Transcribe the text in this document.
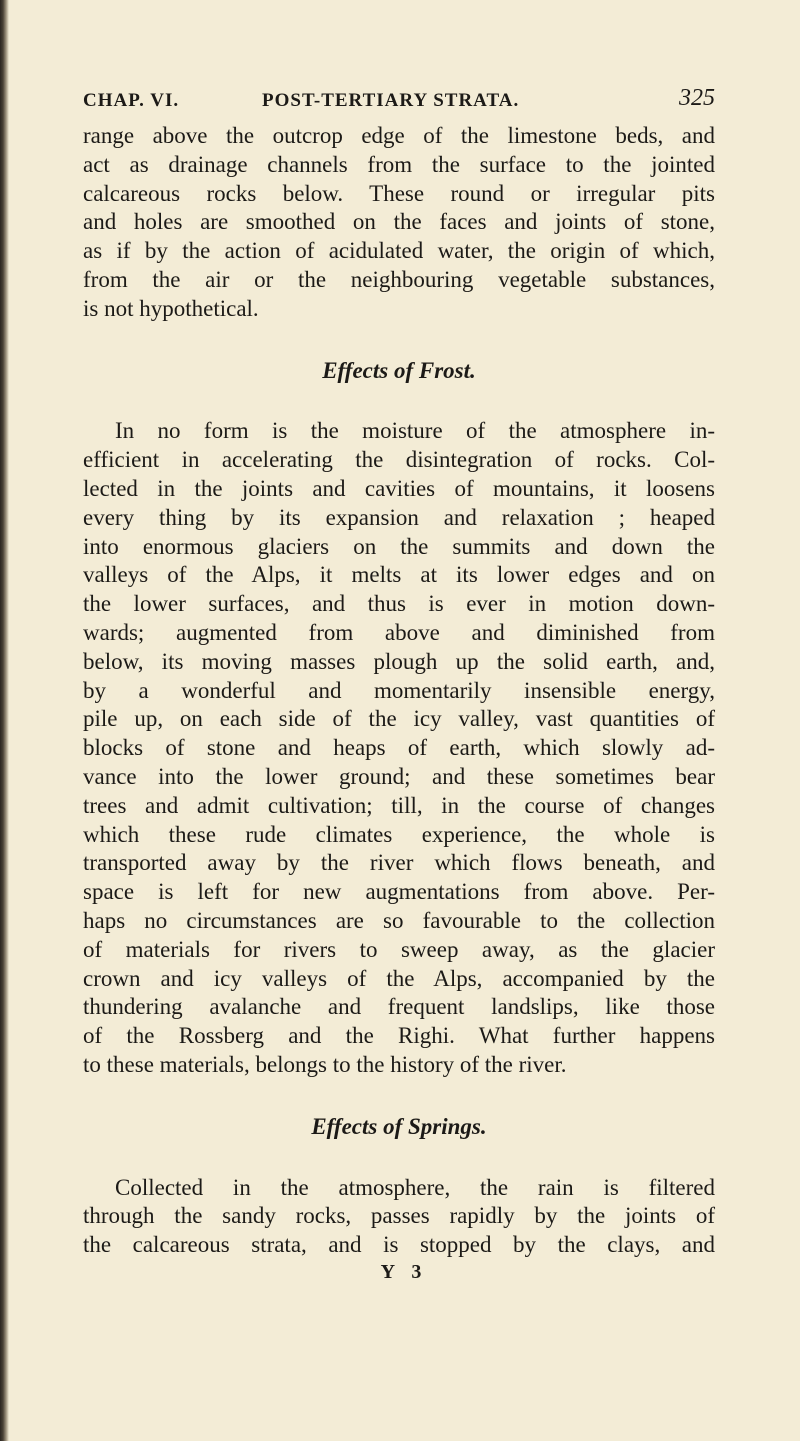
CHAP. VI.	POST-TERTIARY STRATA.	325

range above the outcrop edge of the limestone beds, and
act as drainage channels from the surface to the jointed
calcareous rocks below. These round or irregular pits
and holes are smoothed on the faces and joints of stone,
as if by the action of acidulated water, the origin of which,
from the air or the neighbouring vegetable substances,
is not hypothetical.

Effects of Frost.

In no form is the moisture of the atmosphere in-
efficient in accelerating the disintegration of rocks. Col-
lected in the joints and cavities of mountains, it loosens
every thing by its expansion and relaxation ; heaped
into enormous glaciers on the summits and down the
valleys of the Alps, it melts at its lower edges and on
the lower surfaces, and thus is ever in motion down-
wards; augmented from above and diminished from
below, its moving masses plough up the solid earth, and,
by a wonderful and momentarily insensible energy,
pile up, on each side of the icy valley, vast quantities of
blocks of stone and heaps of earth, which slowly ad-
vance into the lower ground; and these sometimes bear
trees and admit cultivation; till, in the course of changes
which these rude climates experience, the whole is
transported away by the river which flows beneath, and
space is left for new augmentations from above. Per-
haps no circumstances are so favourable to the collection
of materials for rivers to sweep away, as the glacier
crown and icy valleys of the Alps, accompanied by the
thundering avalanche and frequent landslips, like those
of the Rossberg and the Righi. What further happens
to these materials, belongs to the history of the river.

Effects of Springs.

Collected in the atmosphere, the rain is filtered
through the sandy rocks, passes rapidly by the joints of
the calcareous strata, and is stopped by the clays, and

Y 3
